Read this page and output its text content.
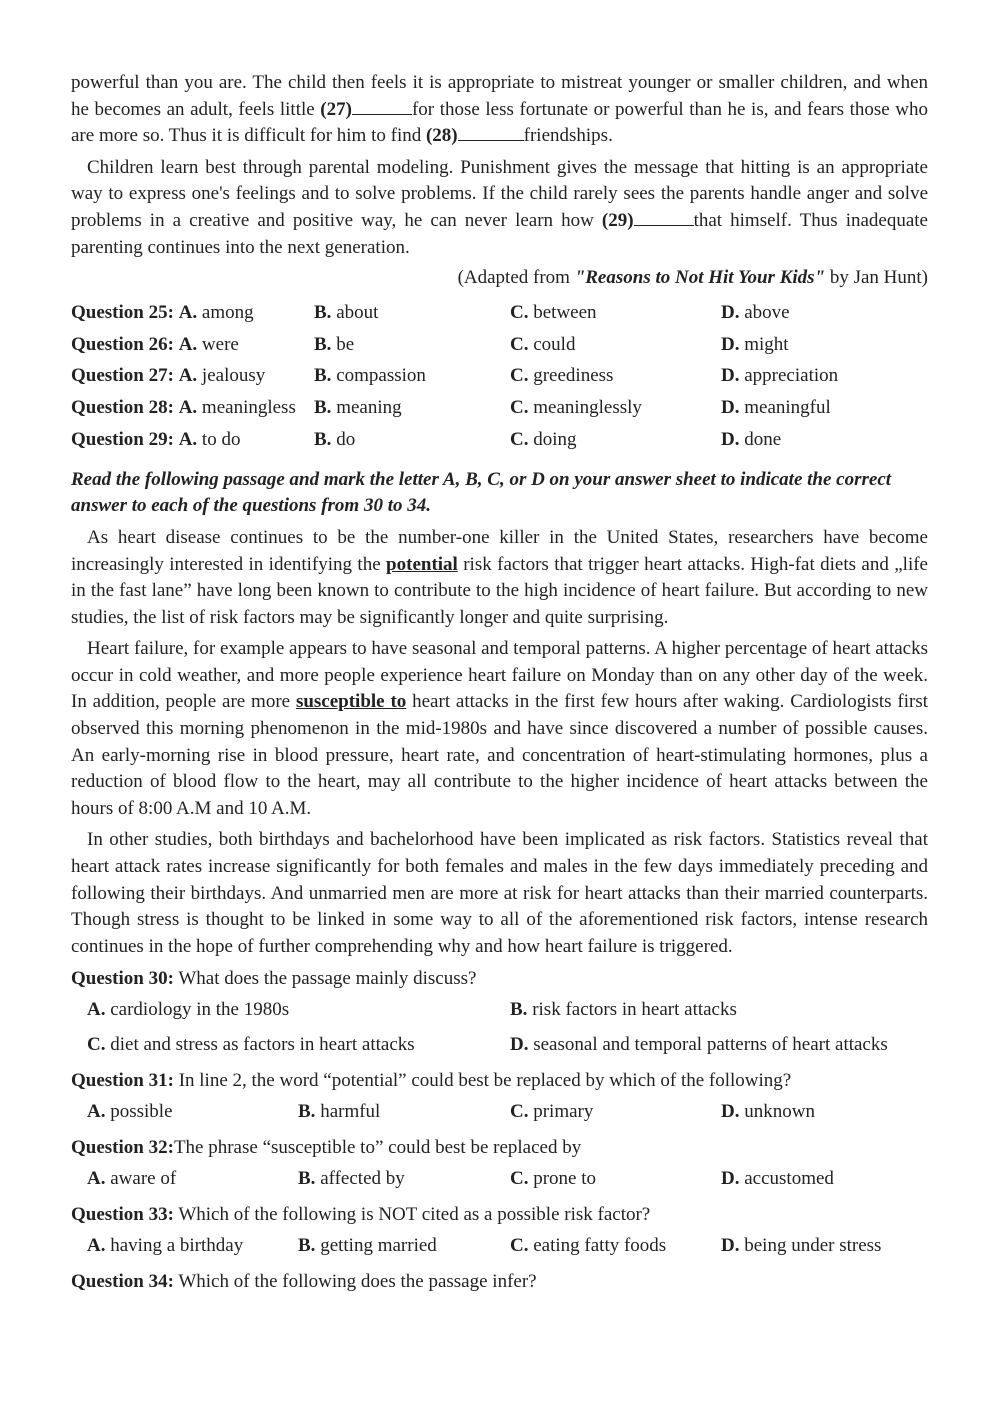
powerful than you are. The child then feels it is appropriate to mistreat younger or smaller children, and when he becomes an adult, feels little (27)	for those less fortunate or powerful than he is, and fears those who are more so. Thus it is difficult for him to find (28)	friendships.

Children learn best through parental modeling. Punishment gives the message that hitting is an appropriate way to express one's feelings and to solve problems. If the child rarely sees the parents handle anger and solve problems in a creative and positive way, he can never learn how (29)	that himself. Thus inadequate parenting continues into the next generation.

(Adapted from "Reasons to Not Hit Your Kids" by Jan Hunt)

Question 25: A. among	B. about	C. between	D. above
Question 26: A. were	B. be	C. could	D. might
Question 27: A. jealousy	B. compassion	C. greediness	D. appreciation
Question 28: A. meaningless B. meaning	C. meaninglessly	D. meaningful
Question 29: A. to do	B. do	C. doing	D. done

Read the following passage and mark the letter A, B, C, or D on your answer sheet to indicate the correct answer to each of the questions from 30 to 34.

As heart disease continues to be the number-one killer in the United States, researchers have become increasingly interested in identifying the potential risk factors that trigger heart attacks. High-fat diets and „life in the fast lane” have long been known to contribute to the high incidence of heart failure. But according to new studies, the list of risk factors may be significantly longer and quite surprising.

Heart failure, for example appears to have seasonal and temporal patterns. A higher percentage of heart attacks occur in cold weather, and more people experience heart failure on Monday than on any other day of the week. In addition, people are more susceptible to heart attacks in the first few hours after waking. Cardiologists first observed this morning phenomenon in the mid-1980s and have since discovered a number of possible causes. An early-morning rise in blood pressure, heart rate, and concentration of heart-stimulating hormones, plus a reduction of blood flow to the heart, may all contribute to the higher incidence of heart attacks between the hours of 8:00 A.M and 10 A.M.

In other studies, both birthdays and bachelorhood have been implicated as risk factors. Statistics reveal that heart attack rates increase significantly for both females and males in the few days immediately preceding and following their birthdays. And unmarried men are more at risk for heart attacks than their married counterparts. Though stress is thought to be linked in some way to all of the aforementioned risk factors, intense research continues in the hope of further comprehending why and how heart failure is triggered.

Question 30: What does the passage mainly discuss?
A. cardiology in the 1980s	B. risk factors in heart attacks
C. diet and stress as factors in heart attacks	D. seasonal and temporal patterns of heart attacks
Question 31: In line 2, the word “potential” could best be replaced by which of the following?
A. possible	B. harmful	C. primary	D. unknown
Question 32:The phrase “susceptible to” could best be replaced by
A. aware of	B. affected by	C. prone to	D. accustomed
Question 33: Which of the following is NOT cited as a possible risk factor?
A. having a birthday	B. getting married	C. eating fatty foods	D. being under stress
Question 34: Which of the following does the passage infer?
